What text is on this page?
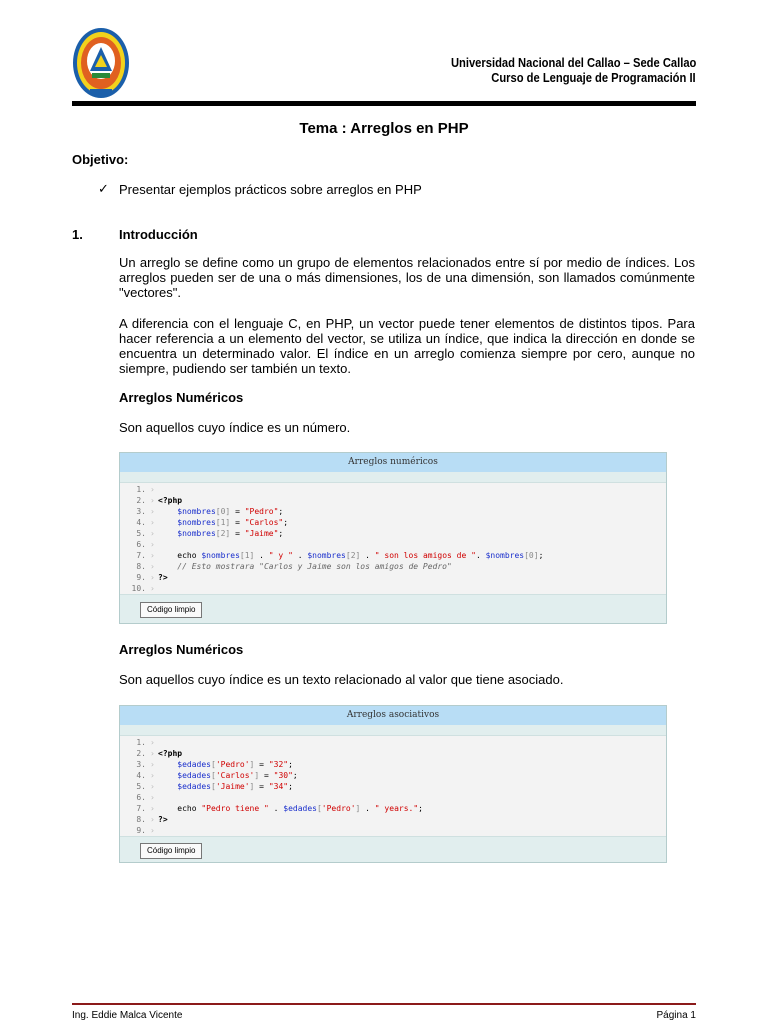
Universidad Nacional del Callao – Sede Callao
Curso de Lenguaje de Programación II
Tema : Arreglos en PHP
Objetivo:
✓ Presentar ejemplos prácticos sobre arreglos en PHP
1.	Introducción
Un arreglo se define como un grupo de elementos relacionados entre sí por medio de índices. Los arreglos pueden ser de una o más dimensiones, los de una dimensión, son llamados comúnmente "vectores".
A diferencia con el lenguaje C, en PHP, un vector puede tener elementos de distintos tipos. Para hacer referencia a un elemento del vector, se utiliza un índice, que indica la dirección en donde se encuentra un determinado valor. El índice en un arreglo comienza siempre por cero, aunque no siempre, pudiendo ser también un texto.
Arreglos Numéricos
Son aquellos cuyo índice es un número.
Arreglos numéricos
1. ›
2. › <?php
3. ›	$nombres[0] = "Pedro";
4. ›	$nombres[1] = "Carlos";
5. ›	$nombres[2] = "Jaime";
6. ›
7. › echo $nombres[1] . " y " . $nombres[2] . " son los amigos de ". $nombres[0];
8. ›	// Esto mostrara "Carlos y Jaime son los amigos de Pedro"
9. › ?>
10. ›
Código limpio
Arreglos Numéricos
Son aquellos cuyo índice es un texto relacionado al valor que tiene asociado.
Arreglos asociativos
1. ›
2. › <?php
3. ›	$edades['Pedro'] = "32";
4. ›	$edades['Carlos'] = "30";
5. ›	$edades['Jaime'] = "34";
6. ›
7. › echo "Pedro tiene " . $edades['Pedro'] . " years.";
8. › ?>
9. ›
Código limpio
Ing. Eddie Malca Vicente	Página 1
